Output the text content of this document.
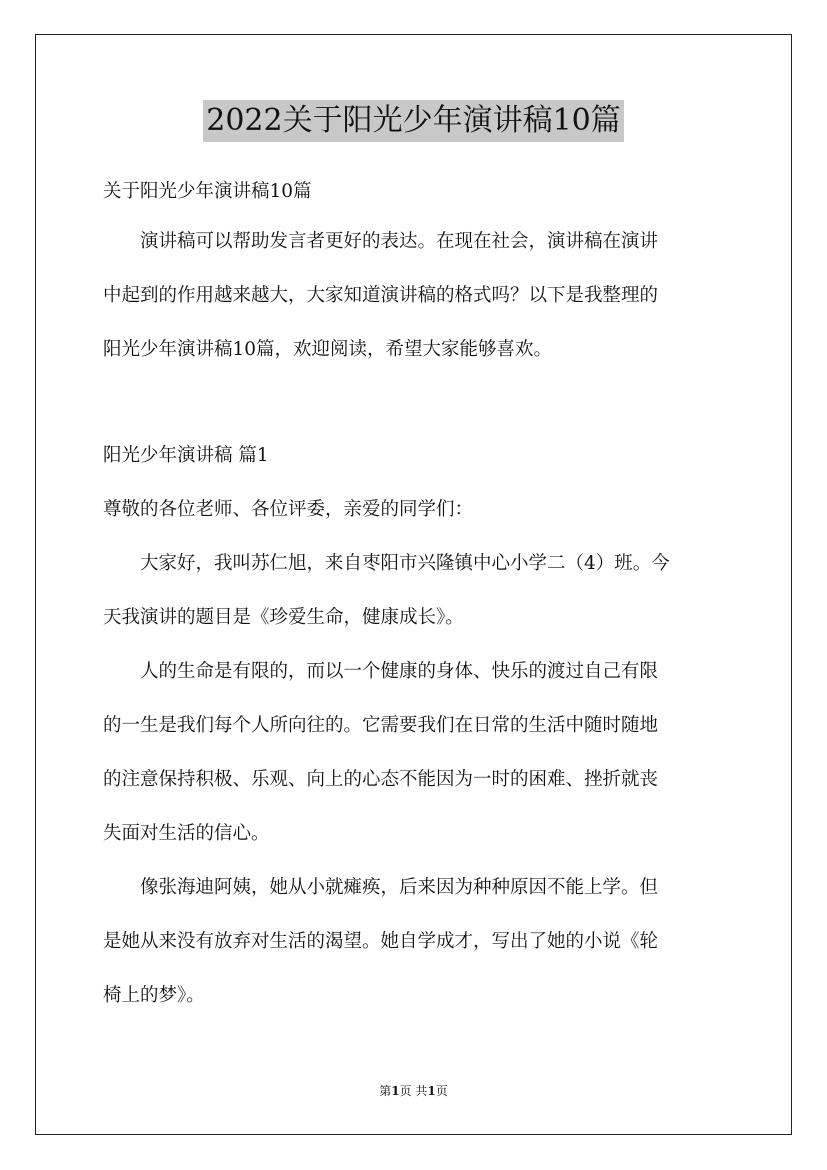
2022关于阳光少年演讲稿10篇

关于阳光少年演讲稿10篇

演讲稿可以帮助发言者更好的表达。在现在社会，演讲稿在演讲
中起到的作用越来越大，大家知道演讲稿的格式吗？以下是我整理的
阳光少年演讲稿10篇，欢迎阅读，希望大家能够喜欢。

阳光少年演讲稿 篇1

尊敬的各位老师、各位评委，亲爱的同学们：

大家好，我叫苏仁旭，来自枣阳市兴隆镇中心小学二（4）班。今
天我演讲的题目是《珍爱生命，健康成长》。
人的生命是有限的，而以一个健康的身体、快乐的渡过自己有限
的一生是我们每个人所向往的。它需要我们在日常的生活中随时随地
的注意保持积极、乐观、向上的心态不能因为一时的困难、挫折就丧
失面对生活的信心。
像张海迪阿姨，她从小就瘫痪，后来因为种种原因不能上学。但
是她从来没有放弃对生活的渴望。她自学成才，写出了她的小说《轮
椅上的梦》。
第1页 共1页
